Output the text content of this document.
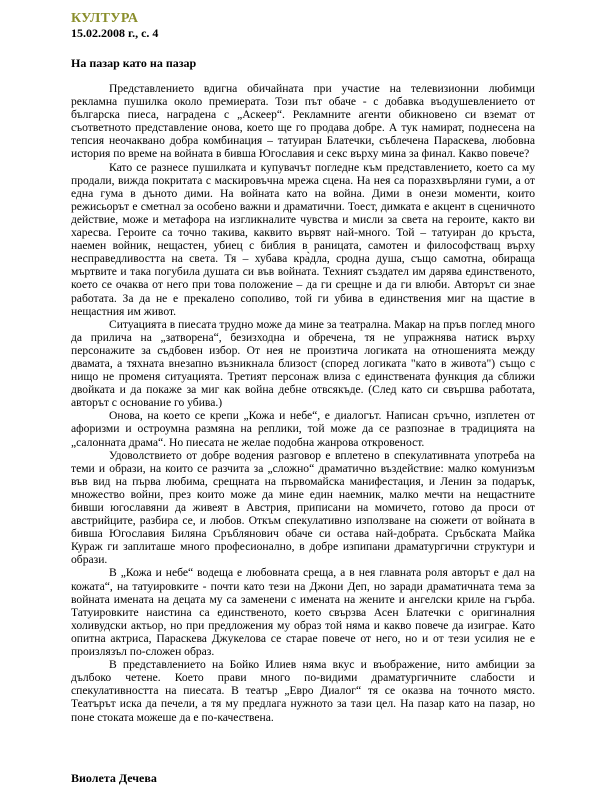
КУЛТУРА
15.02.2008 г., с. 4
На пазар като на пазар

Представлението вдигна обичайната при участие на телевизионни любимци рекламна пушилка около премиерата. Този път обаче - с добавка въодушевлението от българска пиеса, наградена с „Аскеер“. Рекламните агенти обикновено си вземат от съответното представление онова, което ще го продава добре. А тук намират, поднесена на тепсия неочаквано добра комбинация – татуиран Блатечки, съблечена Параскева, любовна история по време на войната в бивша Югославия и секс върху мина за финал. Какво повече?

Като се разнесе пушилката и купувачът погледне към представлението, което са му продали, вижда покритата с маскировъчна мрежа сцена. На нея са поразхвърляни гуми, а от една гума в дъното дими. На войната като на война. Дими в онези моменти, които режисьорът е сметнал за особено важни и драматични. Тоест, димката е акцент в сценичното действие, може и метафора на изгликналите чувства и мисли за света на героите, както ви харесва. Героите са точно такива, каквито вървят най-много. Той – татуиран до кръста, наемен войник, нещастен, убиец с библия в раницата, самотен и философстващ върху несправедливостта на света. Тя – хубава кра̀дла, сродна душа, също самотна, обираща мъртвите и така погубила душата си във войната. Техният създател им дарява единственото, което се очаква от него при това положение – да ги срещне и да ги влюби. Авторът си знае работата. За да не е прекалено сополиво, той ги убива в единствения миг на щастие в нещастния им живот.

Ситуацията в пиесата трудно може да мине за театрална. Макар на пръв поглед много да прилича на „затворена“, безизходна и обречена, тя не упражнява натиск върху персонажите за съдбовен избор. От нея не произтича логиката на отношенията между двамата, а тяхната внезапно възникнала близост (според логиката "като в живота") също с нищо не променя ситуацията. Третият персонаж влиза с единствената функция да сближи двойката и да покаже за миг как война дебне отвсякъде. (След като си свършва работата, авторът с основание го убива.)

Онова, на което се крепи „Кожа и небе“, е диалогът. Написан сръчно, изплетен от афоризми и остроумна размяна на реплики, той може да се разпознае в традицията на „салонната драма“. Но пиесата не желае подобна жанрова откровеност.

Удоволствието от добре водения разговор е вплетено в спекулативната употреба на теми и образи, на които се разчита за „сложно“ драматично въздействие: малко комунизъм във вид на първа любима, срещната на първомайска манифестация, и Ленин за подарък, множество войни, през които може да мине един наемник, малко мечти на нещастните бивши югославяни да живеят в Австрия, приписани на момичето, готово да проси от австрийците, разбира се, и любов. Откъм спекулативно използване на сюжети от войната в бивша Югославия Биляна Сръблянович обаче си остава най-добрата. Сръбската Майка Кураж ги заплиташе много професионално, в добре изпипани драматургични структури и образи.

В „Кожа и небе“ водеща е любовната среща, а в нея главната роля авторът е дал на кожата“, на татуировките - почти като тези на Джони Деп, но заради драматичната тема за войната имената на децата му са заменени с имената на жените и ангелски криле на гърба. Татуировките наистина са единственото, което свързва Асен Блатечки с оригиналния холивудски актьор, но при предложения му образ той няма и какво повече да изиграе. Като опитна актриса, Параскева Джукелова се старае повече от него, но и от тези усилия не е произлязъл по-сложен образ.

В представлението на Бойко Илиев няма вкус и въображение, нито амбиции за дълбоко четене. Което прави много по-видими драматургичните слабости и спекулативността на пиесата. В театър „Евро Диалог“ тя се оказва на точното място. Театърът иска да печели, а тя му предлага нужното за тази цел. На пазар като на пазар, но поне стоката можеше да е по-качествена.

Виолета Дечева
